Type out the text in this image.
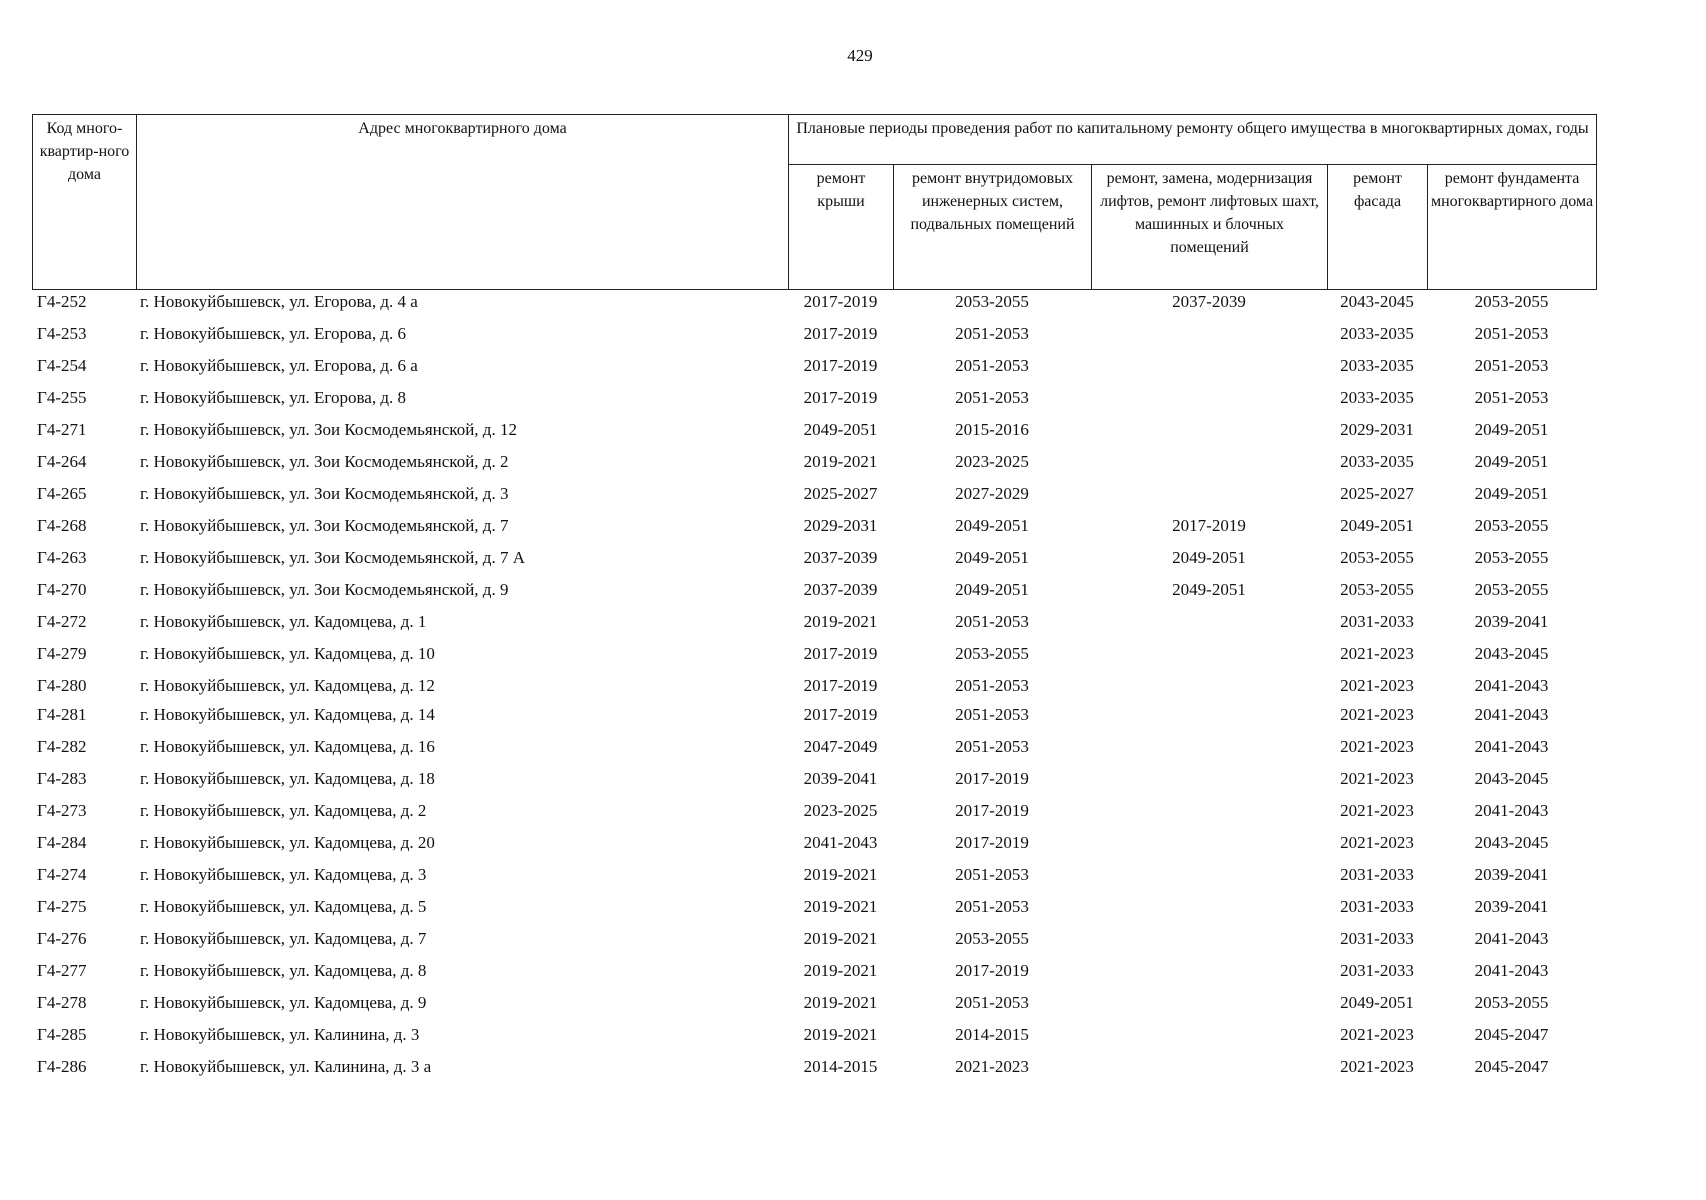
429
Код много-квартир-ного дома	Адрес многоквартирного дома	Плановые периоды проведения работ по капитальному ремонту общего имущества в многоквартирных домах, годы				
		ремонт крыши	ремонт внутридомовых инженерных систем, подвальных помещений	ремонт, замена, модернизация лифтов, ремонт лифтовых шахт, машинных и блочных помещений	ремонт фасада	ремонт фундамента многоквартирного дома
Г4-252	г. Новокуйбышевск, ул. Егорова, д. 4 а	2017-2019	2053-2055	2037-2039	2043-2045	2053-2055
Г4-253	г. Новокуйбышевск, ул. Егорова, д. 6	2017-2019	2051-2053		2033-2035	2051-2053
Г4-254	г. Новокуйбышевск, ул. Егорова, д. 6 а	2017-2019	2051-2053		2033-2035	2051-2053
Г4-255	г. Новокуйбышевск, ул. Егорова, д. 8	2017-2019	2051-2053		2033-2035	2051-2053
Г4-271	г. Новокуйбышевск, ул. Зои Космодемьянской, д. 12	2049-2051	2015-2016		2029-2031	2049-2051
Г4-264	г. Новокуйбышевск, ул. Зои Космодемьянской, д. 2	2019-2021	2023-2025		2033-2035	2049-2051
Г4-265	г. Новокуйбышевск, ул. Зои Космодемьянской, д. 3	2025-2027	2027-2029		2025-2027	2049-2051
Г4-268	г. Новокуйбышевск, ул. Зои Космодемьянской, д. 7	2029-2031	2049-2051	2017-2019	2049-2051	2053-2055
Г4-263	г. Новокуйбышевск, ул. Зои Космодемьянской, д. 7 А	2037-2039	2049-2051	2049-2051	2053-2055	2053-2055
Г4-270	г. Новокуйбышевск, ул. Зои Космодемьянской, д. 9	2037-2039	2049-2051	2049-2051	2053-2055	2053-2055
Г4-272	г. Новокуйбышевск, ул. Кадомцева, д. 1	2019-2021	2051-2053		2031-2033	2039-2041
Г4-279	г. Новокуйбышевск, ул. Кадомцева, д. 10	2017-2019	2053-2055		2021-2023	2043-2045
Г4-280	г. Новокуйбышевск, ул. Кадомцева, д. 12	2017-2019	2051-2053		2021-2023	2041-2043
Г4-281	г. Новокуйбышевск, ул. Кадомцева, д. 14	2017-2019	2051-2053		2021-2023	2041-2043
Г4-282	г. Новокуйбышевск, ул. Кадомцева, д. 16	2047-2049	2051-2053		2021-2023	2041-2043
Г4-283	г. Новокуйбышевск, ул. Кадомцева, д. 18	2039-2041	2017-2019		2021-2023	2043-2045
Г4-273	г. Новокуйбышевск, ул. Кадомцева, д. 2	2023-2025	2017-2019		2021-2023	2041-2043
Г4-284	г. Новокуйбышевск, ул. Кадомцева, д. 20	2041-2043	2017-2019		2021-2023	2043-2045
Г4-274	г. Новокуйбышевск, ул. Кадомцева, д. 3	2019-2021	2051-2053		2031-2033	2039-2041
Г4-275	г. Новокуйбышевск, ул. Кадомцева, д. 5	2019-2021	2051-2053		2031-2033	2039-2041
Г4-276	г. Новокуйбышевск, ул. Кадомцева, д. 7	2019-2021	2053-2055		2031-2033	2041-2043
Г4-277	г. Новокуйбышевск, ул. Кадомцева, д. 8	2019-2021	2017-2019		2031-2033	2041-2043
Г4-278	г. Новокуйбышевск, ул. Кадомцева, д. 9	2019-2021	2051-2053		2049-2051	2053-2055
Г4-285	г. Новокуйбышевск, ул. Калинина, д. 3	2019-2021	2014-2015		2021-2023	2045-2047
Г4-286	г. Новокуйбышевск, ул. Калинина, д. 3 а	2014-2015	2021-2023		2021-2023	2045-2047
